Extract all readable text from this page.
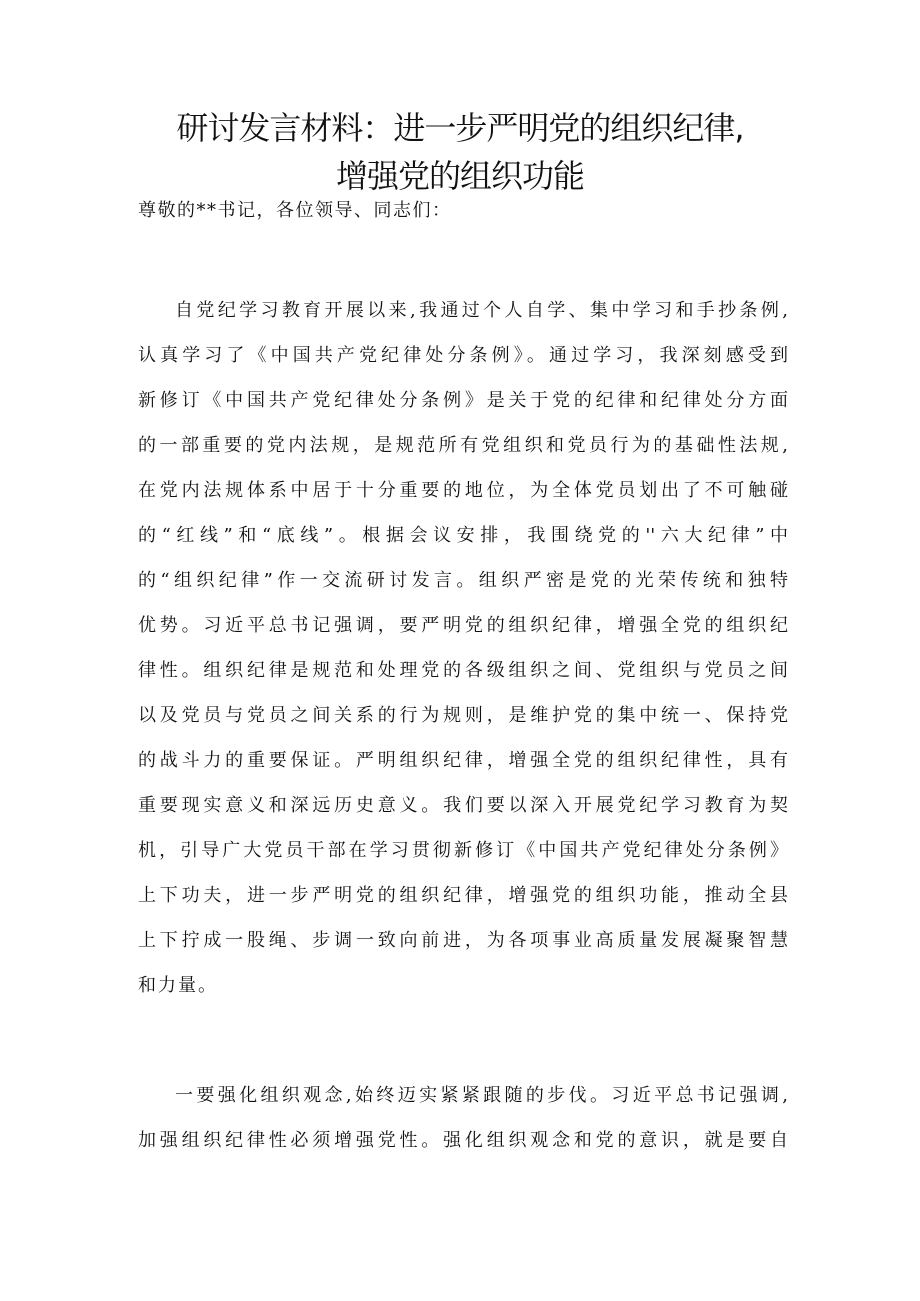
研讨发言材料：进一步严明党的组织纪律,
增强党的组织功能

尊敬的**书记，各位领导、同志们：

自党纪学习教育开展以来,我通过个人自学、集中学习和手抄条例,

认真学习了《中国共产党纪律处分条例》。通过学习，我深刻感受到

新修订《中国共产党纪律处分条例》是关于党的纪律和纪律处分方面

的一部重要的党内法规，是规范所有党组织和党员行为的基础性法规,

在党内法规体系中居于十分重要的地位，为全体党员划出了不可触碰

的“红线”和“底线”。根据会议安排，我围绕党的''六大纪律”中

的“组织纪律”作一交流研讨发言。组织严密是党的光荣传统和独特

优势。习近平总书记强调，要严明党的组织纪律，增强全党的组织纪

律性。组织纪律是规范和处理党的各级组织之间、党组织与党员之间

以及党员与党员之间关系的行为规则，是维护党的集中统一、保持党

的战斗力的重要保证。严明组织纪律，增强全党的组织纪律性，具有

重要现实意义和深远历史意义。我们要以深入开展党纪学习教育为契

机，引导广大党员干部在学习贯彻新修订《中国共产党纪律处分条例》

上下功夫，进一步严明党的组织纪律，增强党的组织功能，推动全县

上下拧成一股绳、步调一致向前进，为各项事业高质量发展凝聚智慧

和力量。

一要强化组织观念,始终迈实紧紧跟随的步伐。习近平总书记强调,

加强组织纪律性必须增强党性。强化组织观念和党的意识，就是要自
